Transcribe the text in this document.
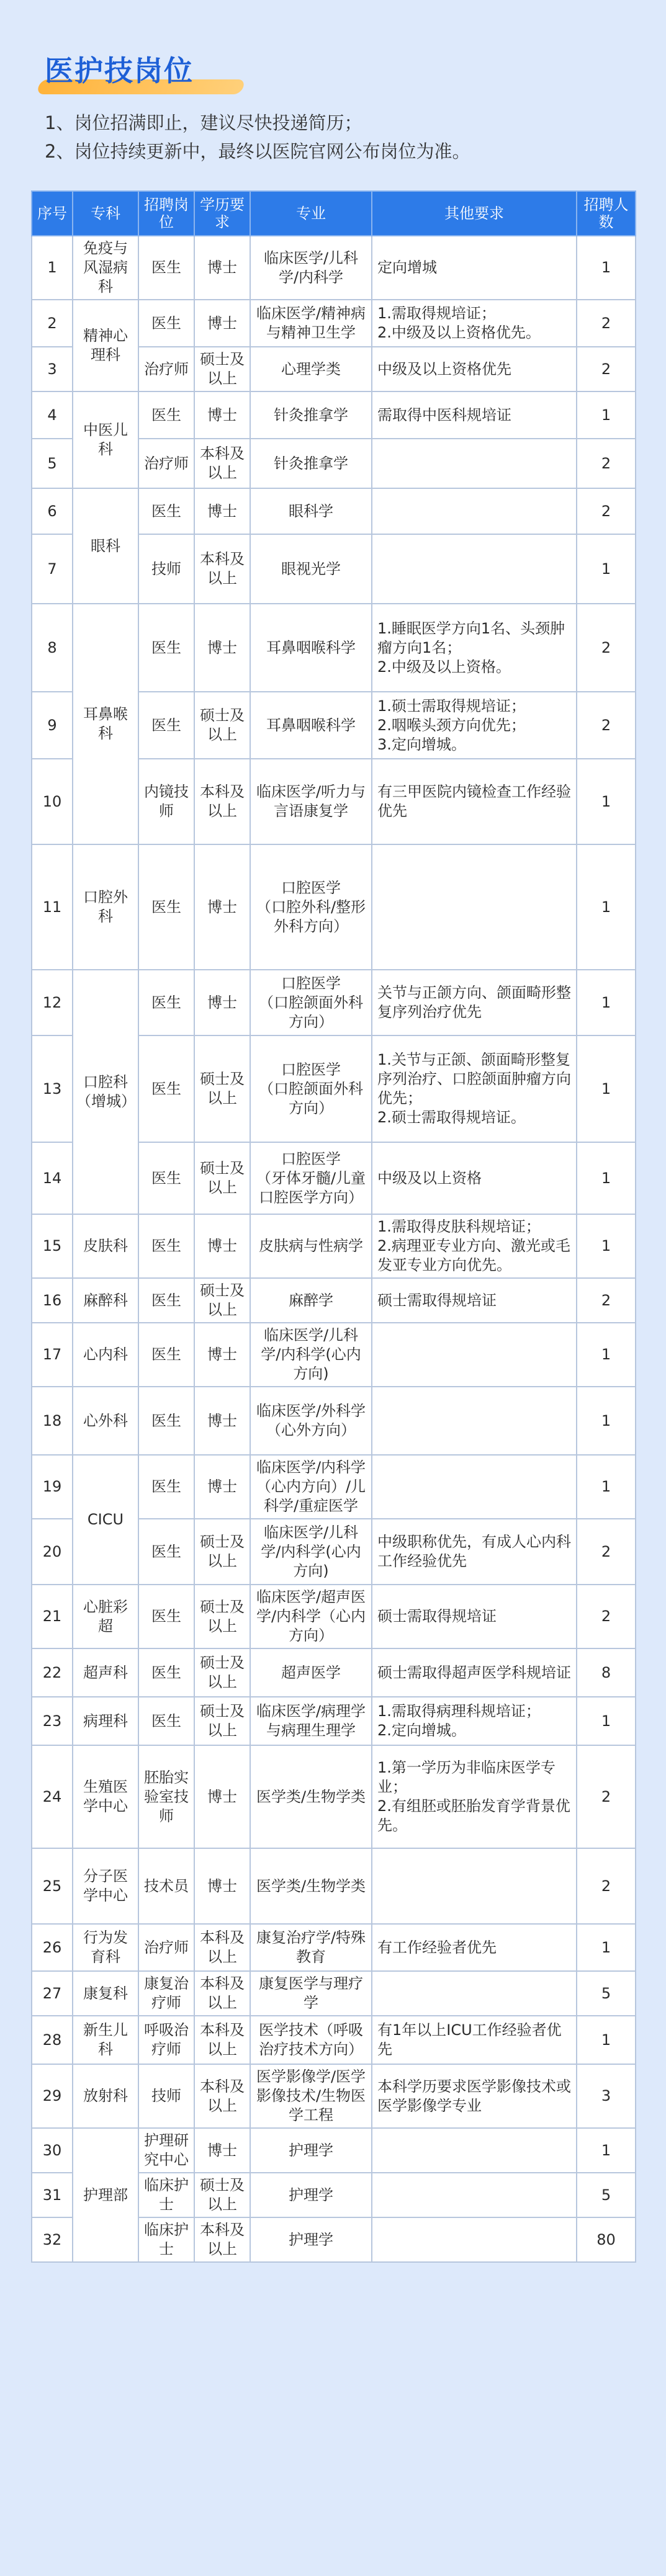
医护技岗位
1、岗位招满即止，建议尽快投递简历；
2、岗位持续更新中，最终以医院官网公布岗位为准。
序号	专科	招聘岗位	学历要求	专业	其他要求	招聘人数
1	免疫与风湿病科	医生	博士	临床医学/儿科学/内科学	定向增城	1
2	精神心理科	医生	博士	临床医学/精神病与精神卫生学	1.需取得规培证；
2.中级及以上资格优先。	2
3		治疗师	硕士及以上	心理学类	中级及以上资格优先	2
4	中医儿科	医生	博士	针灸推拿学	需取得中医科规培证	1
5		治疗师	本科及以上	针灸推拿学		2
6	眼科	医生	博士	眼科学		2
7		技师	本科及以上	眼视光学		1
8	耳鼻喉科	医生	博士	耳鼻咽喉科学	1.睡眠医学方向1名、头颈肿瘤方向1名；
2.中级及以上资格。	2
9		医生	硕士及以上	耳鼻咽喉科学	1.硕士需取得规培证；
2.咽喉头颈方向优先；
3.定向增城。	2
10		内镜技师	本科及以上	临床医学/听力与言语康复学	有三甲医院内镜检查工作经验优先	1
11	口腔外科	医生	博士	口腔医学
（口腔外科/整形外科方向）		1
12	口腔科（增城）	医生	博士	口腔医学
（口腔颌面外科方向）	关节与正颌方向、颌面畸形整复序列治疗优先	1
13		医生	硕士及以上	口腔医学
（口腔颌面外科方向）	1.关节与正颌、颌面畸形整复序列治疗、口腔颌面肿瘤方向优先；
2.硕士需取得规培证。	1
14		医生	硕士及以上	口腔医学
（牙体牙髓/儿童口腔医学方向）	中级及以上资格	1
15	皮肤科	医生	博士	皮肤病与性病学	1.需取得皮肤科规培证；
2.病理亚专业方向、激光或毛发亚专业方向优先。	1
16	麻醉科	医生	硕士及以上	麻醉学	硕士需取得规培证	2
17	心内科	医生	博士	临床医学/儿科学/内科学(心内方向)		1
18	心外科	医生	博士	临床医学/外科学（心外方向）		1
19	CICU	医生	博士	临床医学/内科学（心内方向）/儿科学/重症医学		1
20		医生	硕士及以上	临床医学/儿科学/内科学(心内方向)	中级职称优先，有成人心内科工作经验优先	2
21	心脏彩超	医生	硕士及以上	临床医学/超声医学/内科学（心内方向）	硕士需取得规培证	2
22	超声科	医生	硕士及以上	超声医学	硕士需取得超声医学科规培证	8
23	病理科	医生	硕士及以上	临床医学/病理学与病理生理学	1.需取得病理科规培证；
2.定向增城。	1
24	生殖医学中心	胚胎实验室技师	博士	医学类/生物学类	1.第一学历为非临床医学专业；
2.有组胚或胚胎发育学背景优先。	2
25	分子医学中心	技术员	博士	医学类/生物学类		2
26	行为发育科	治疗师	本科及以上	康复治疗学/特殊教育	有工作经验者优先	1
27	康复科	康复治疗师	本科及以上	康复医学与理疗学		5
28	新生儿科	呼吸治疗师	本科及以上	医学技术（呼吸治疗技术方向）	有1年以上ICU工作经验者优先	1
29	放射科	技师	本科及以上	医学影像学/医学影像技术/生物医学工程	本科学历要求医学影像技术或医学影像学专业	3
30	护理部	护理研究中心	博士	护理学		1
31		临床护士	硕士及以上	护理学		5
32		临床护士	本科及以上	护理学		80
